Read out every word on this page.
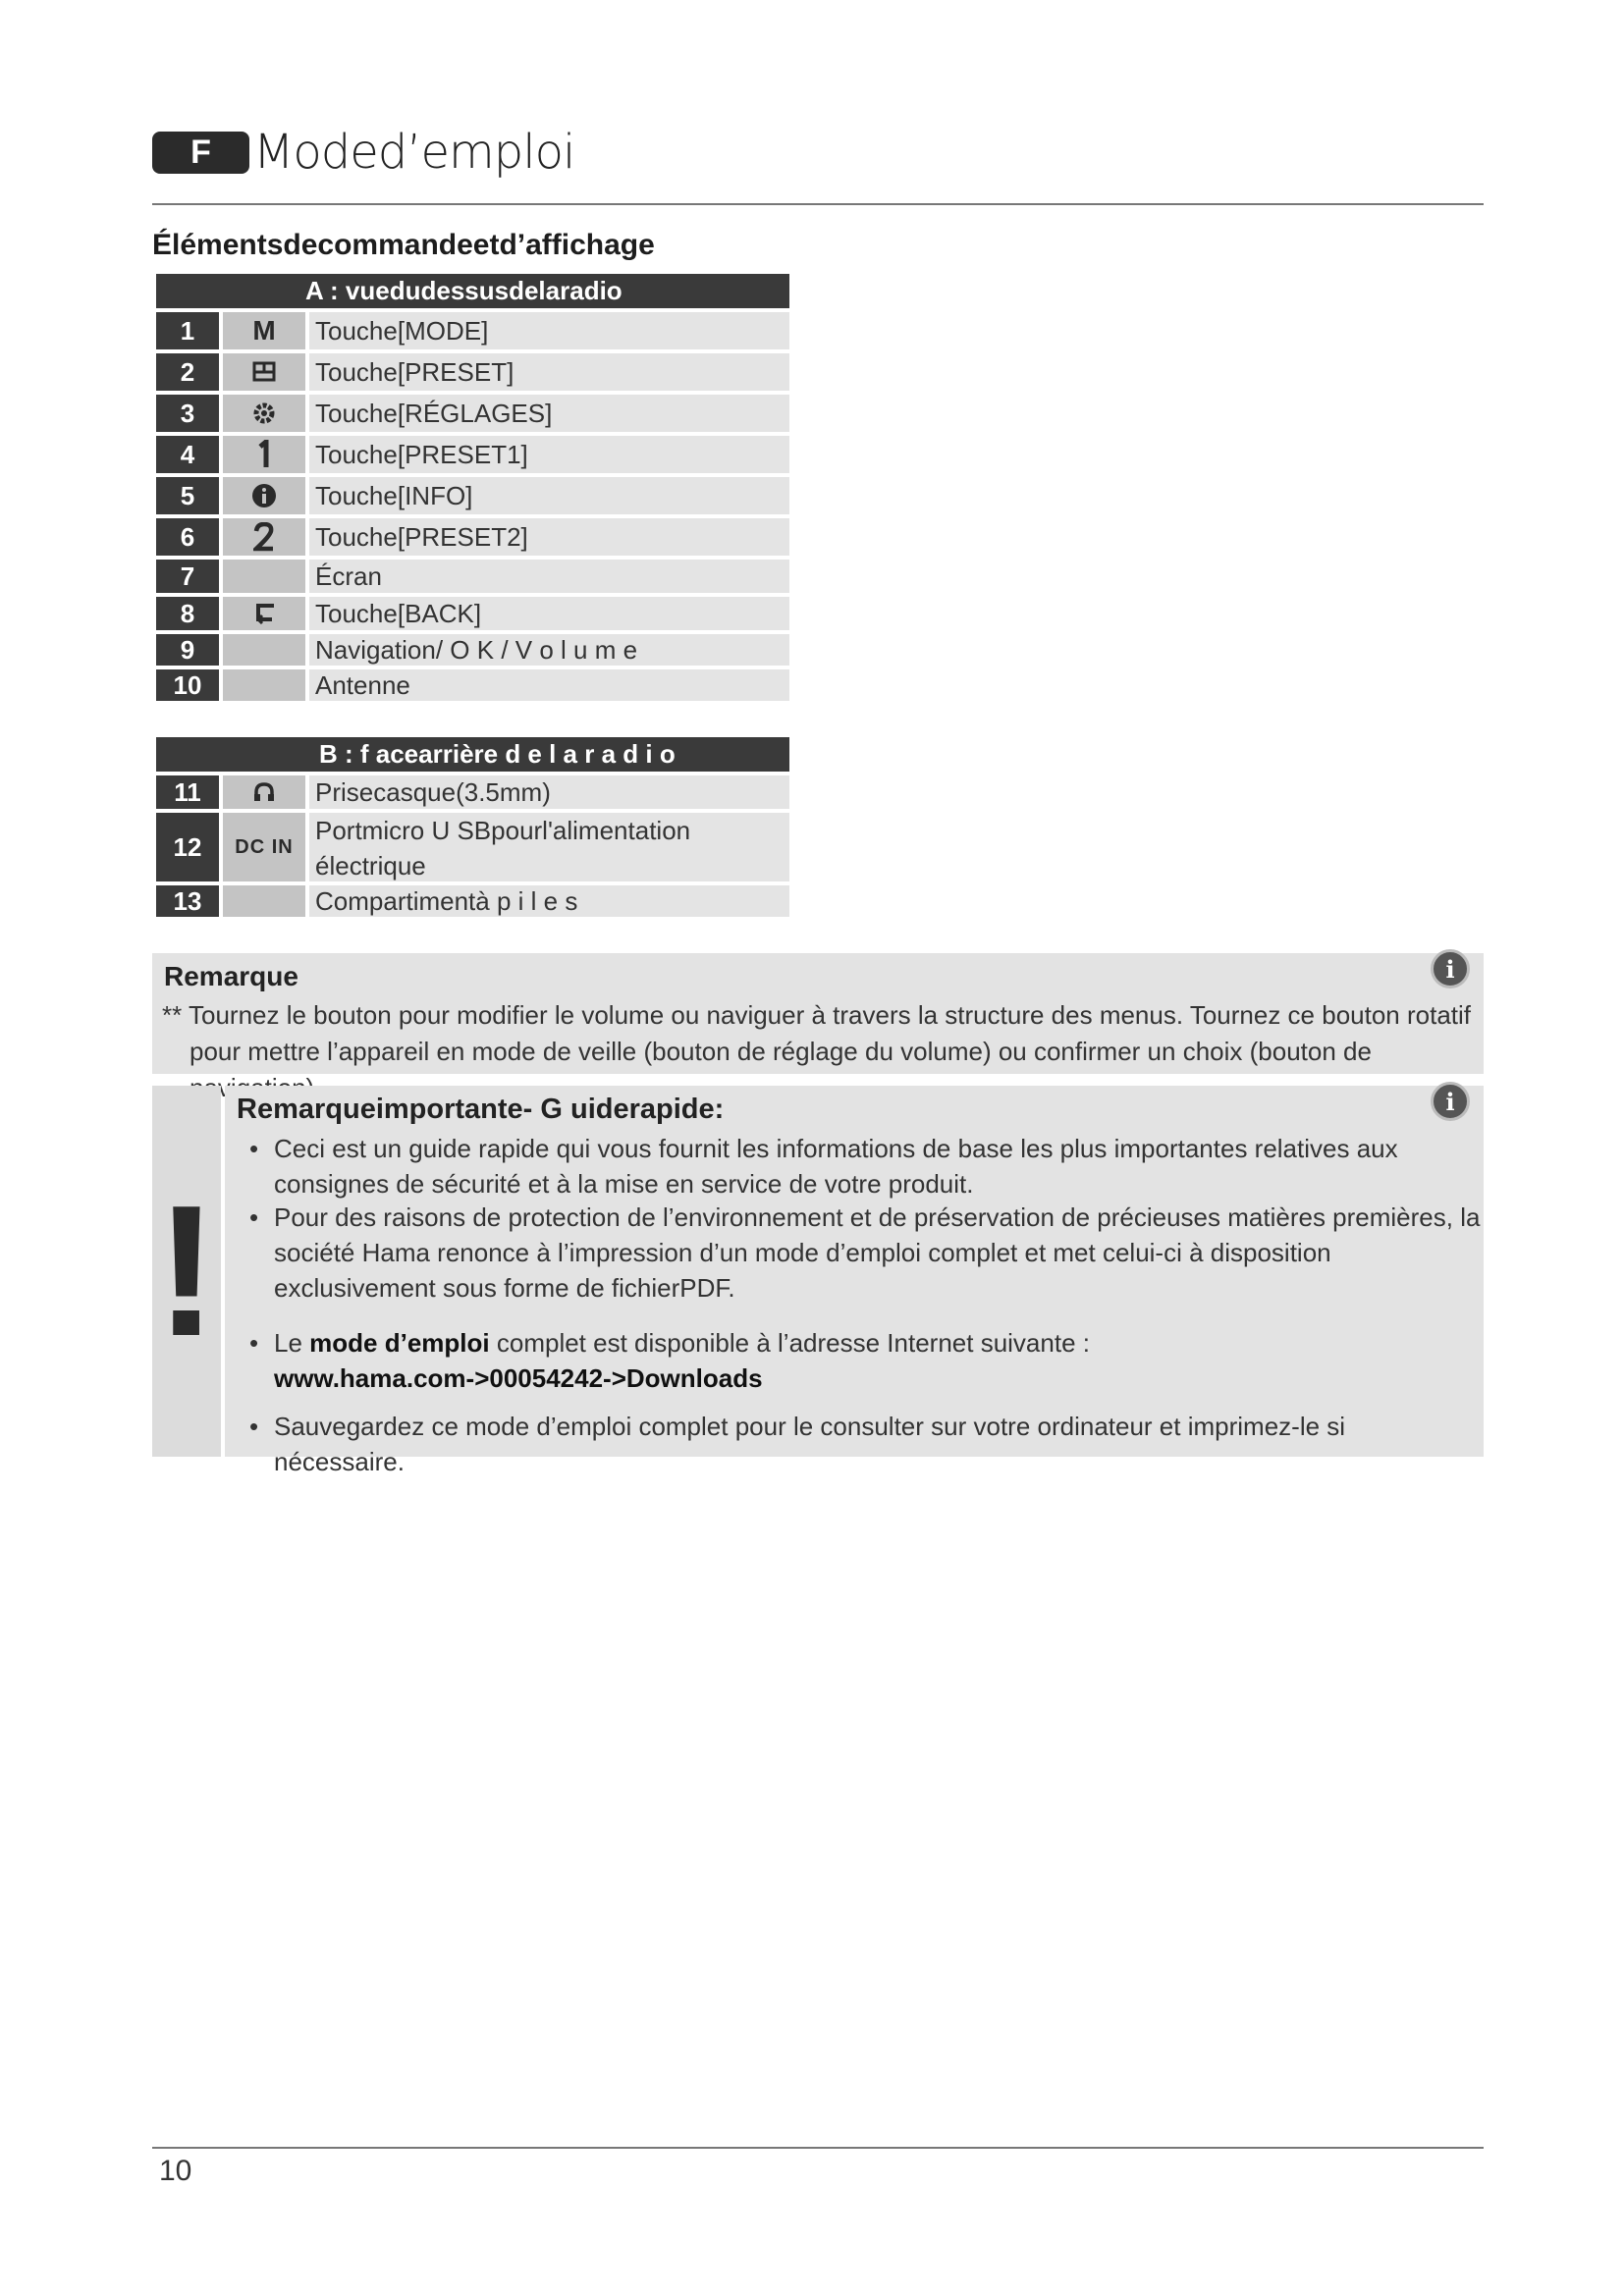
F Moded’emploi
Élémentsdecommandeetd’affichage
A : vuedudessusdelaradio
1	M	Touche[MODE]
2	Touche[PRESET]
3	Touche[RÉGLAGES]
4	Touche[PRESET1]
5	Touche[INFO]
6	Touche[PRESET2]
7	Écran
8	Touche[BACK]
9	Navigation/ O K / V o l u m e
10	Antenne
B : f acearrière d e l a r a d i o
11	Prisecasque(3.5mm)
12	DC IN
Portmicro U SBpourl'alimentation électrique
13	Compartimentà p i l e s
Remarque	i
** Tournez le bouton pour modifier le volume ou naviguer à travers la structure des menus. Tournez ce bouton rotatif pour mettre l’appareil en mode de veille (bouton de réglage du volume) ou confirmer un choix (bouton de
!
Remarqueimportante- G uiderapide:	i
• Ceci est un guide rapide qui vous fournit les informations de base les plus importantes relatives aux consignes de sécurité et à la mise en service de votre produit.
• Pour des raisons de protection de l’environnement et de préservation de précieuses matières premières, la société Hama renonce à l’impression d’un mode d’emploi complet et met celui-ci à disposition exclusivement sous forme de fichierPDF.
• Le mode d’emploi complet est disponible à l’adresse Internet suivante :
www.hama.com->00054242->Downloads
• Sauvegardez ce mode d’emploi complet pour le consulter sur votre ordinateur et imprimez-le si nécessaire.
10
